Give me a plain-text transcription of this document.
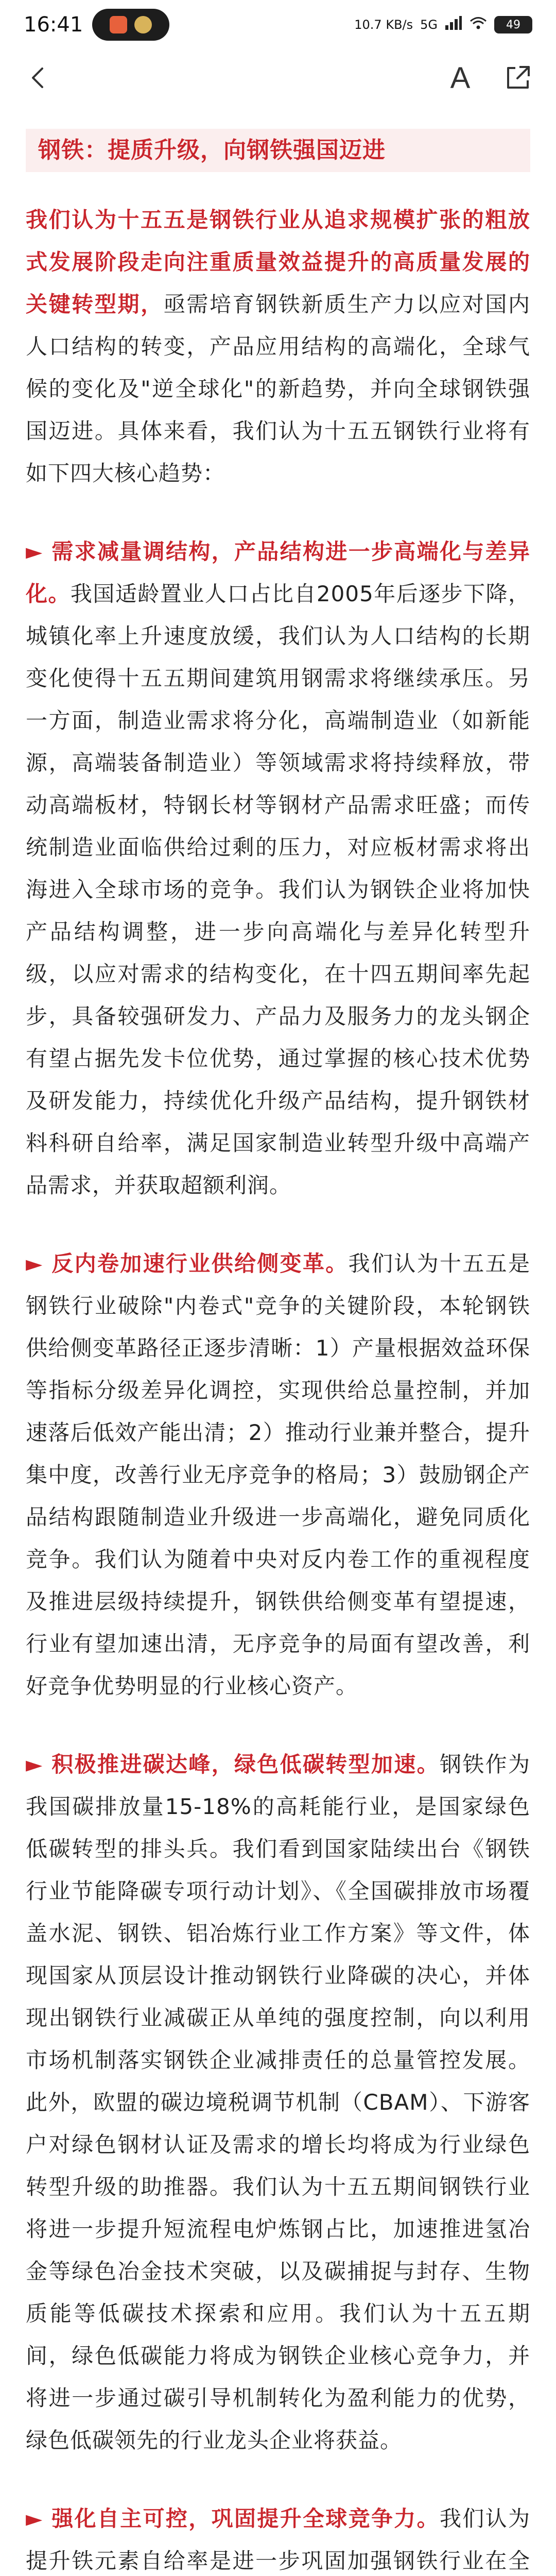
16:41	10.7 KB/s 5G	49
A
钢铁：提质升级，向钢铁强国迈进

我们认为十五五是钢铁行业从追求规模扩张的粗放式发展阶段走向注重质量效益提升的高质量发展的关键转型期，亟需培育钢铁新质生产力以应对国内人口结构的转变，产品应用结构的高端化，全球气候的变化及"逆全球化"的新趋势，并向全球钢铁强国迈进。具体来看，我们认为十五五钢铁行业将有如下四大核心趋势：

► 需求减量调结构，产品结构进一步高端化与差异化。我国适龄置业人口占比自2005年后逐步下降，城镇化率上升速度放缓，我们认为人口结构的长期变化使得十五五期间建筑用钢需求将继续承压。另一方面，制造业需求将分化，高端制造业（如新能源，高端装备制造业）等领域需求将持续释放，带动高端板材，特钢长材等钢材产品需求旺盛；而传统制造业面临供给过剩的压力，对应板材需求将出海进入全球市场的竞争。我们认为钢铁企业将加快产品结构调整，进一步向高端化与差异化转型升级，以应对需求的结构变化，在十四五期间率先起步，具备较强研发力、产品力及服务力的龙头钢企有望占据先发卡位优势，通过掌握的核心技术优势及研发能力，持续优化升级产品结构，提升钢铁材料科研自给率，满足国家制造业转型升级中高端产品需求，并获取超额利润。

► 反内卷加速行业供给侧变革。我们认为十五五是钢铁行业破除"内卷式"竞争的关键阶段，本轮钢铁供给侧变革路径正逐步清晰：1）产量根据效益环保等指标分级差异化调控，实现供给总量控制，并加速落后低效产能出清；2）推动行业兼并整合，提升集中度，改善行业无序竞争的格局；3）鼓励钢企产品结构跟随制造业升级进一步高端化，避免同质化竞争。我们认为随着中央对反内卷工作的重视程度及推进层级持续提升，钢铁供给侧变革有望提速，行业有望加速出清，无序竞争的局面有望改善，利好竞争优势明显的行业核心资产。

► 积极推进碳达峰，绿色低碳转型加速。钢铁作为我国碳排放量15-18%的高耗能行业，是国家绿色低碳转型的排头兵。我们看到国家陆续出台《钢铁行业节能降碳专项行动计划》、《全国碳排放市场覆盖水泥、钢铁、铝冶炼行业工作方案》等文件，体现国家从顶层设计推动钢铁行业降碳的决心，并体现出钢铁行业减碳正从单纯的强度控制，向以利用市场机制落实钢铁企业减排责任的总量管控发展。此外，欧盟的碳边境税调节机制（CBAM）、下游客户对绿色钢材认证及需求的增长均将成为行业绿色转型升级的助推器。我们认为十五五期间钢铁行业将进一步提升短流程电炉炼钢占比，加速推进氢冶金等绿色冶金技术突破，以及碳捕捉与封存、生物质能等低碳技术探索和应用。我们认为十五五期间，绿色低碳能力将成为钢铁企业核心竞争力，并将进一步通过碳引导机制转化为盈利能力的优势，绿色低碳领先的行业龙头企业将获益。

► 强化自主可控，巩固提升全球竞争力。我们认为提升铁元素自给率是进一步巩固加强钢铁行业在全
